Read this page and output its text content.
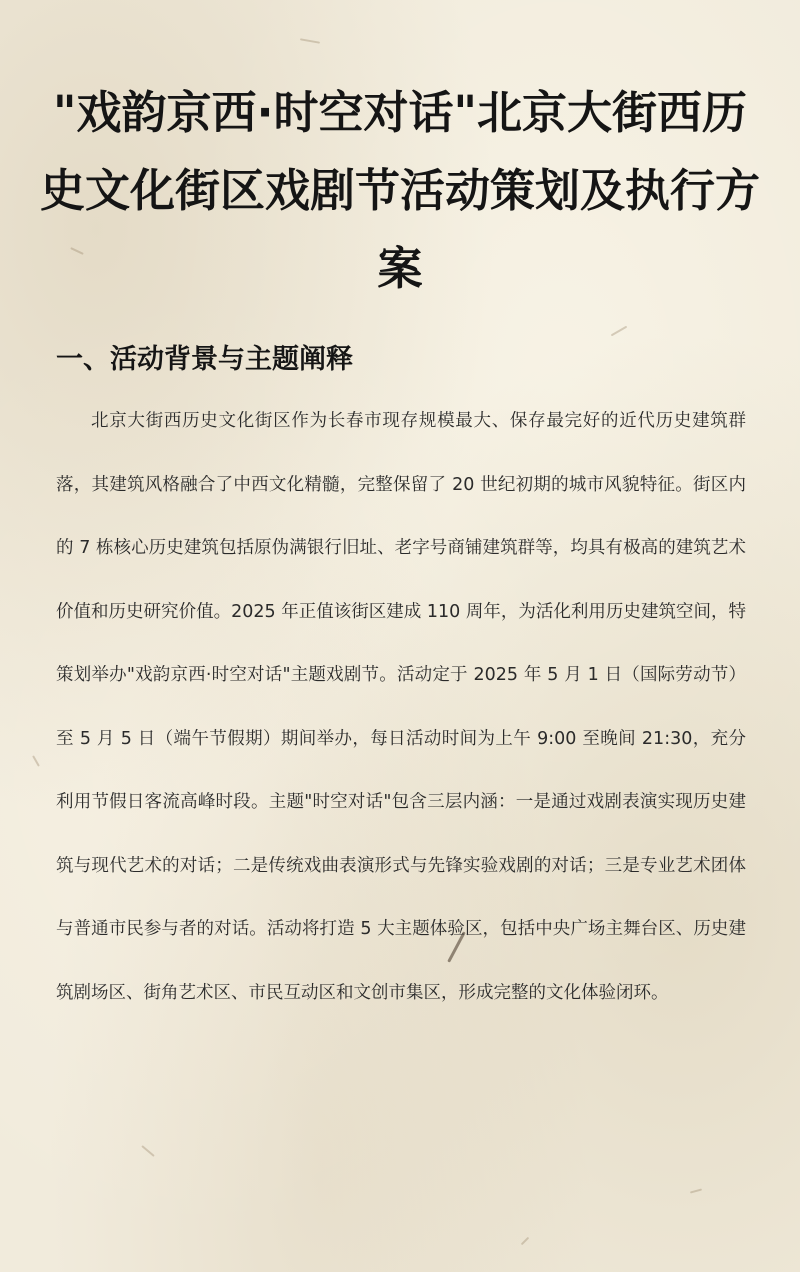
"戏韵京西·时空对话"北京大街西历史文化街区戏剧节活动策划及执行方案
一、活动背景与主题阐释

北京大街西历史文化街区作为长春市现存规模最大、保存最完好的近代历史建筑群落，其建筑风格融合了中西文化精髓，完整保留了 20 世纪初期的城市风貌特征。街区内的 7 栋核心历史建筑包括原伪满银行旧址、老字号商铺建筑群等，均具有极高的建筑艺术价值和历史研究价值。2025 年正值该街区建成 110 周年，为活化利用历史建筑空间，特策划举办"戏韵京西·时空对话"主题戏剧节。活动定于 2025 年 5 月 1 日（国际劳动节）至 5 月 5 日（端午节假期）期间举办，每日活动时间为上午 9:00 至晚间 21:30，充分利用节假日客流高峰时段。主题"时空对话"包含三层内涵：一是通过戏剧表演实现历史建筑与现代艺术的对话；二是传统戏曲表演形式与先锋实验戏剧的对话；三是专业艺术团体与普通市民参与者的对话。活动将打造 5 大主题体验区，包括中央广场主舞台区、历史建筑剧场区、街角艺术区、市民互动区和文创市集区，形成完整的文化体验闭环。
